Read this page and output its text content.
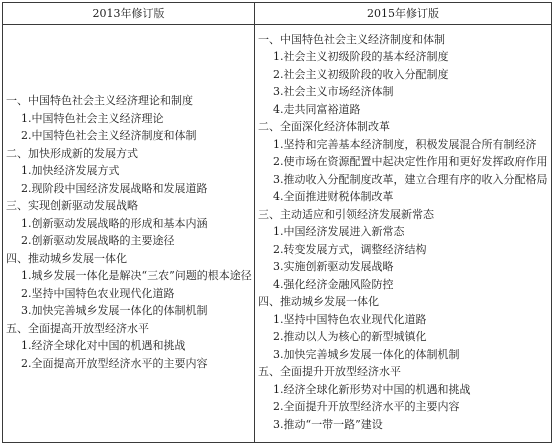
2013年修订版	2015年修订版
一、中国特色社会主义经济理论和制度
1.中国特色社会主义经济理论
2.中国特色社会主义经济制度和体制
二、加快形成新的发展方式
1.加快经济发展方式
2.现阶段中国经济发展战略和发展道路
三、实现创新驱动发展战略
1.创新驱动发展战略的形成和基本内涵
2.创新驱动发展战略的主要途径
四、推动城乡发展一体化
1.城乡发展一体化是解决“三农”问题的根本途径
2.坚持中国特色农业现代化道路
3.加快完善城乡发展一体化的体制机制
五、全面提高开放型经济水平
1.经济全球化对中国的机遇和挑战
2.全面提高开放型经济水平的主要内容
一、中国特色社会主义经济制度和体制
1.社会主义初级阶段的基本经济制度
2.社会主义初级阶段的收入分配制度
3.社会主义市场经济体制
4.走共同富裕道路
二、全面深化经济体制改革
1.坚持和完善基本经济制度，积极发展混合所有制经济
2.使市场在资源配置中起决定性作用和更好发挥政府作用
3.推动收入分配制度改革，建立合理有序的收入分配格局
4.全面推进财税体制改革
三、主动适应和引领经济发展新常态
1.中国经济发展进入新常态
2.转变发展方式，调整经济结构
3.实施创新驱动发展战略
4.强化经济金融风险防控
四、推动城乡发展一体化
1.坚持中国特色农业现代化道路
2.推动以人为核心的新型城镇化
3.加快完善城乡发展一体化的体制机制
五、全面提升开放型经济水平
1.经济全球化新形势对中国的机遇和挑战
2.全面提升开放型经济水平的主要内容
3.推动“一带一路”建设
